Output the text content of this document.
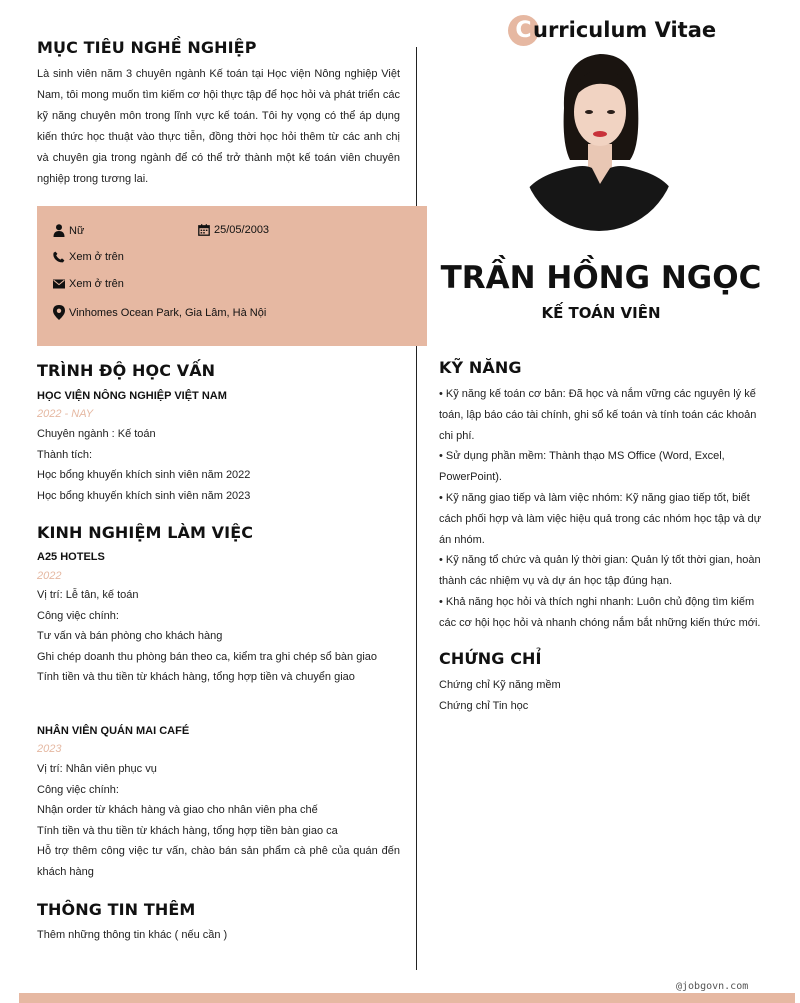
C urriculum Vitae
TRẦN HỒNG NGỌC
KẾ TOÁN VIÊN
MỤC TIÊU NGHỀ NGHIỆP
Là sinh viên năm 3 chuyên ngành Kế toán tại Học viện Nông nghiệp Việt Nam, tôi mong muốn tìm kiếm cơ hội thực tập để học hỏi và phát triển các kỹ năng chuyên môn trong lĩnh vực kế toán. Tôi hy vọng có thể áp dụng kiến thức học thuật vào thực tiễn, đồng thời học hỏi thêm từ các anh chị và chuyên gia trong ngành để có thể trở thành một kế toán viên chuyên nghiệp trong tương lai.
Nữ	25/05/2003
Xem ở trên
Xem ở trên
Vinhomes Ocean Park, Gia Lâm, Hà Nội
TRÌNH ĐỘ HỌC VẤN
HỌC VIỆN NÔNG NGHIỆP VIỆT NAM
2022 - NAY
Chuyên ngành : Kế toán
Thành tích:
Học bổng khuyến khích sinh viên năm 2022
Học bổng khuyến khích sinh viên năm 2023
KINH NGHIỆM LÀM VIỆC
A25 HOTELS
2022
Vị trí: Lễ tân, kế toán
Công việc chính:
Tư vấn và bán phòng cho khách hàng
Ghi chép doanh thu phòng bán theo ca, kiểm tra ghi chép sổ bàn giao
Tính tiền và thu tiền từ khách hàng, tổng hợp tiền và chuyển giao
NHÂN VIÊN QUÁN MAI CAFÉ
2023
Vị trí: Nhân viên phục vụ
Công việc chính:
Nhận order từ khách hàng và giao cho nhân viên pha chế
Tính tiền và thu tiền từ khách hàng, tổng hợp tiền bàn giao ca
Hỗ trợ thêm công việc tư vấn, chào bán sản phẩm cà phê của quán đến khách hàng
THÔNG TIN THÊM
Thêm những thông tin khác ( nếu cần )
KỸ NĂNG

• Kỹ năng kế toán cơ bản: Đã học và nắm vững các nguyên lý kế toán, lập báo cáo tài chính, ghi sổ kế toán và tính toán các khoản chi phí.

• Sử dụng phần mềm: Thành thạo MS Office (Word, Excel, PowerPoint).

• Kỹ năng giao tiếp và làm việc nhóm: Kỹ năng giao tiếp tốt, biết cách phối hợp và làm việc hiệu quả trong các nhóm học tập và dự án nhóm.

• Kỹ năng tổ chức và quản lý thời gian: Quản lý tốt thời gian, hoàn thành các nhiệm vụ và dự án học tập đúng hạn.

• Khả năng học hỏi và thích nghi nhanh: Luôn chủ động tìm kiếm các cơ hội học hỏi và nhanh chóng nắm bắt những kiến thức mới.

CHỨNG CHỈ
Chứng chỉ Kỹ năng mềm
Chứng chỉ Tin học
@jobgovn.com
